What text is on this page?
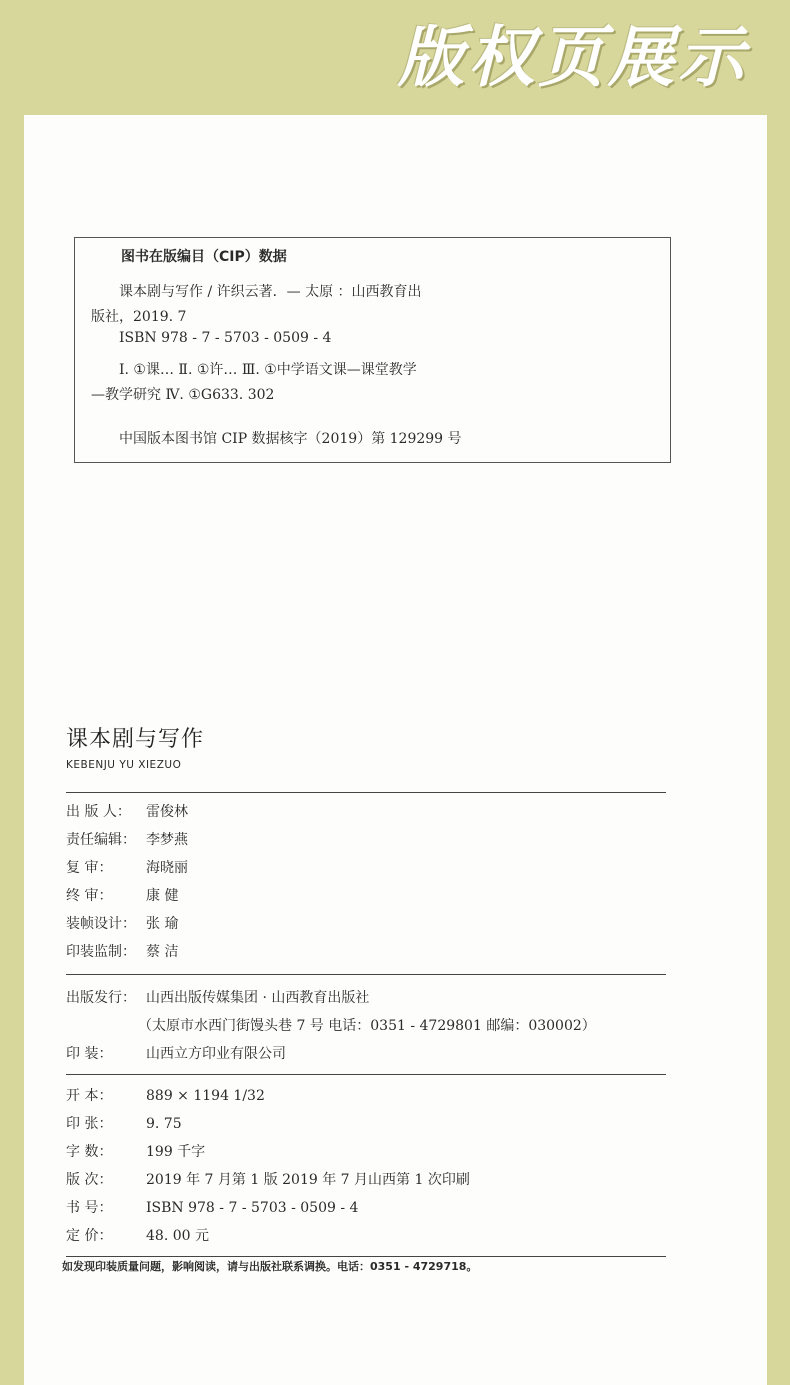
版权页展示
图书在版编目（CIP）数据
课本剧与写作 / 许织云著．— 太原 ：山西教育出
版社，2019. 7
ISBN 978 - 7 - 5703 - 0509 - 4
Ⅰ. ①课… Ⅱ. ①许… Ⅲ. ①中学语文课—课堂教学
—教学研究 Ⅳ. ①G633. 302
中国版本图书馆 CIP 数据核字（2019）第 129299 号
课本剧与写作
KEBENJU YU XIEZUO
出 版 人： 雷俊林
责任编辑： 李梦燕
复 审： 海晓丽
终 审： 康 健
装帧设计： 张 瑜
印装监制： 蔡 洁
出版发行： 山西出版传媒集团 · 山西教育出版社
（太原市水西门街馒头巷 7 号 电话：0351 - 4729801 邮编：030002）
印 装： 山西立方印业有限公司
开 本： 889 × 1194 1/32
印 张： 9. 75
字 数： 199 千字
版 次： 2019 年 7 月第 1 版 2019 年 7 月山西第 1 次印刷
书 号： ISBN 978 - 7 - 5703 - 0509 - 4
定 价： 48. 00 元
如发现印装质量问题，影响阅读，请与出版社联系调换。电话：0351 - 4729718。
